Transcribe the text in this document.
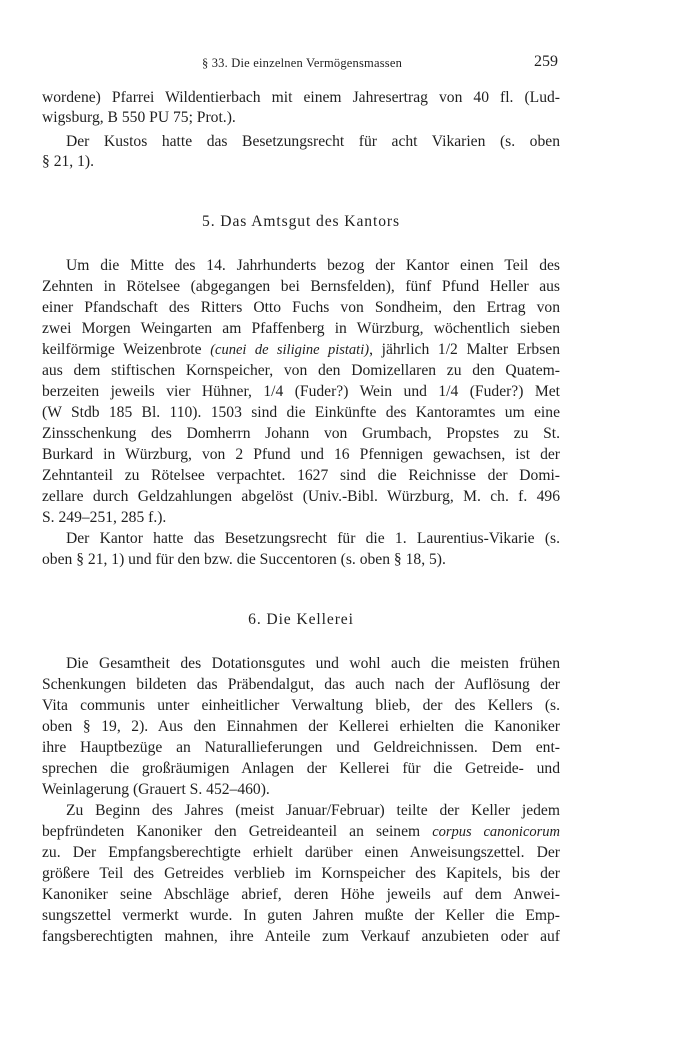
§ 33. Die einzelnen Vermögensmassen	259
wordene) Pfarrei Wildentierbach mit einem Jahresertrag von 40 fl. (Lud-
wigsburg, B 550 PU 75; Prot.).
Der Kustos hatte das Besetzungsrecht für acht Vikarien (s. oben
§ 21, 1).
5. Das Amtsgut des Kantors
Um die Mitte des 14. Jahrhunderts bezog der Kantor einen Teil des
Zehnten in Rötelsee (abgegangen bei Bernsfelden), fünf Pfund Heller aus
einer Pfandschaft des Ritters Otto Fuchs von Sondheim, den Ertrag von
zwei Morgen Weingarten am Pfaffenberg in Würzburg, wöchentlich sieben
keilförmige Weizenbrote (cunei de siligine pistati), jährlich 1/2 Malter Erbsen
aus dem stiftischen Kornspeicher, von den Domizellaren zu den Quatem-
berzeiten jeweils vier Hühner, 1/4 (Fuder?) Wein und 1/4 (Fuder?) Met
(W Stdb 185 Bl. 110). 1503 sind die Einkünfte des Kantoramtes um eine
Zinsschenkung des Domherrn Johann von Grumbach, Propstes zu St.
Burkard in Würzburg, von 2 Pfund und 16 Pfennigen gewachsen, ist der
Zehntanteil zu Rötelsee verpachtet. 1627 sind die Reichnisse der Domi-
zellare durch Geldzahlungen abgelöst (Univ.-Bibl. Würzburg, M. ch. f. 496
S. 249–251, 285 f.).
Der Kantor hatte das Besetzungsrecht für die 1. Laurentius-Vikarie (s.
oben § 21, 1) und für den bzw. die Succentoren (s. oben § 18, 5).
6. Die Kellerei
Die Gesamtheit des Dotationsgutes und wohl auch die meisten frühen
Schenkungen bildeten das Präbendalgut, das auch nach der Auflösung der
Vita communis unter einheitlicher Verwaltung blieb, der des Kellers (s.
oben § 19, 2). Aus den Einnahmen der Kellerei erhielten die Kanoniker
ihre Hauptbezüge an Naturallieferungen und Geldreichnissen. Dem ent-
sprechen die großräumigen Anlagen der Kellerei für die Getreide- und
Weinlagerung (Grauert S. 452–460).
Zu Beginn des Jahres (meist Januar/Februar) teilte der Keller jedem
bepfründeten Kanoniker den Getreideanteil an seinem corpus canonicorum
zu. Der Empfangsberechtigte erhielt darüber einen Anweisungszettel. Der
größere Teil des Getreides verblieb im Kornspeicher des Kapitels, bis der
Kanoniker seine Abschläge abrief, deren Höhe jeweils auf dem Anwei-
sungszettel vermerkt wurde. In guten Jahren mußte der Keller die Emp-
fangsberechtigten mahnen, ihre Anteile zum Verkauf anzubieten oder auf
